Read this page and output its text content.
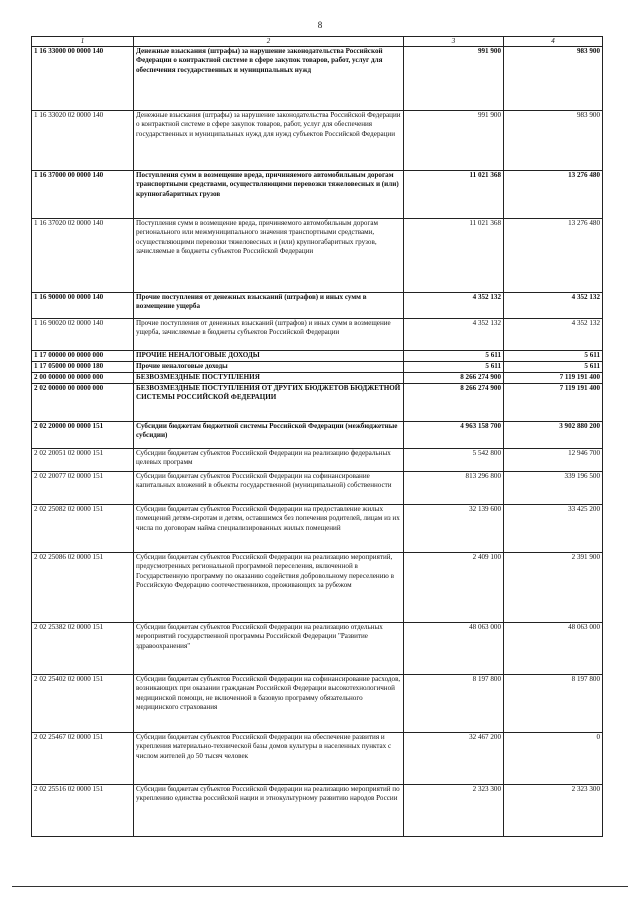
8
1	2	3	4
1 16 33000 00 0000 140	Денежные взыскания (штрафы) за нарушение законодательства Российской Федерации о контрактной системе в сфере закупок товаров, работ, услуг для обеспечения государственных и муниципальных нужд	991 900	983 900
1 16 33020 02 0000 140	Денежные взыскания (штрафы) за нарушение законодательства Российской Федерации о контрактной системе в сфере закупок товаров, работ, услуг для обеспечения государственных и муниципальных нужд для нужд субъектов Российской Федерации	991 900	983 900
1 16 37000 00 0000 140	Поступления сумм в возмещение вреда, причиняемого автомобильным дорогам транспортными средствами, осуществляющими перевозки тяжеловесных и (или) крупногабаритных грузов	11 021 368	13 276 480
1 16 37020 02 0000 140	Поступления сумм в возмещение вреда, причиняемого автомобильным дорогам регионального или межмуниципального значения транспортными средствами, осуществляющими перевозки тяжеловесных и (или) крупногабаритных грузов, зачисляемые в бюджеты субъектов Российской Федерации	11 021 368	13 276 480
1 16 90000 00 0000 140	Прочие поступления от денежных взысканий (штрафов) и иных сумм в возмещение ущерба	4 352 132	4 352 132
1 16 90020 02 0000 140	Прочие поступления от денежных взысканий (штрафов) и иных сумм в возмещение ущерба, зачисляемые в бюджеты субъектов Российской Федерации	4 352 132	4 352 132
1 17 00000 00 0000 000	ПРОЧИЕ НЕНАЛОГОВЫЕ ДОХОДЫ	5 611	5 611
1 17 05000 00 0000 180	Прочие неналоговые доходы	5 611	5 611
2 00 00000 00 0000 000	БЕЗВОЗМЕЗДНЫЕ ПОСТУПЛЕНИЯ	8 266 274 900	7 119 191 400
2 02 00000 00 0000 000	БЕЗВОЗМЕЗДНЫЕ ПОСТУПЛЕНИЯ ОТ ДРУГИХ БЮДЖЕТОВ БЮДЖЕТНОЙ СИСТЕМЫ РОССИЙСКОЙ ФЕДЕРАЦИИ	8 266 274 900	7 119 191 400
2 02 20000 00 0000 151	Субсидии бюджетам бюджетной системы Российской Федерации (межбюджетные субсидии)	4 963 158 700	3 902 880 200
2 02 20051 02 0000 151	Субсидии бюджетам субъектов Российской Федерации на реализацию федеральных целевых программ	5 542 800	12 946 700
2 02 20077 02 0000 151	Субсидии бюджетам субъектов Российской Федерации на софинансирование капитальных вложений в объекты государственной (муниципальной) собственности	813 296 800	339 196 500
2 02 25082 02 0000 151	Субсидии бюджетам субъектов Российской Федерации на предоставление жилых помещений детям-сиротам и детям, оставшимся без попечения родителей, лицам из их числа по договорам найма специализированных жилых помещений	32 139 600	33 425 200
2 02 25086 02 0000 151	Субсидии бюджетам субъектов Российской Федерации на реализацию мероприятий, предусмотренных региональной программой переселения, включенной в Государственную программу по оказанию содействия добровольному переселению в Российскую Федерацию соотечественников, проживающих за рубежом	2 409 100	2 391 900
2 02 25382 02 0000 151	Субсидии бюджетам субъектов Российской Федерации на реализацию отдельных мероприятий государственной программы Российской Федерации "Развитие здравоохранения"	48 063 000	48 063 000
2 02 25402 02 0000 151	Субсидии бюджетам субъектов Российской Федерации на софинансирование расходов, возникающих при оказании гражданам Российской Федерации высокотехнологичной медицинской помощи, не включенной в базовую программу обязательного медицинского страхования	8 197 800	8 197 800
2 02 25467 02 0000 151	Субсидии бюджетам субъектов Российской Федерации на обеспечение развития и укрепления материально-технической базы домов культуры в населенных пунктах с числом жителей до 50 тысяч человек	32 467 200	0
2 02 25516 02 0000 151	Субсидии бюджетам субъектов Российской Федерации на реализацию мероприятий по укреплению единства российской нации и этнокультурному развитию народов России	2 323 300	2 323 300
